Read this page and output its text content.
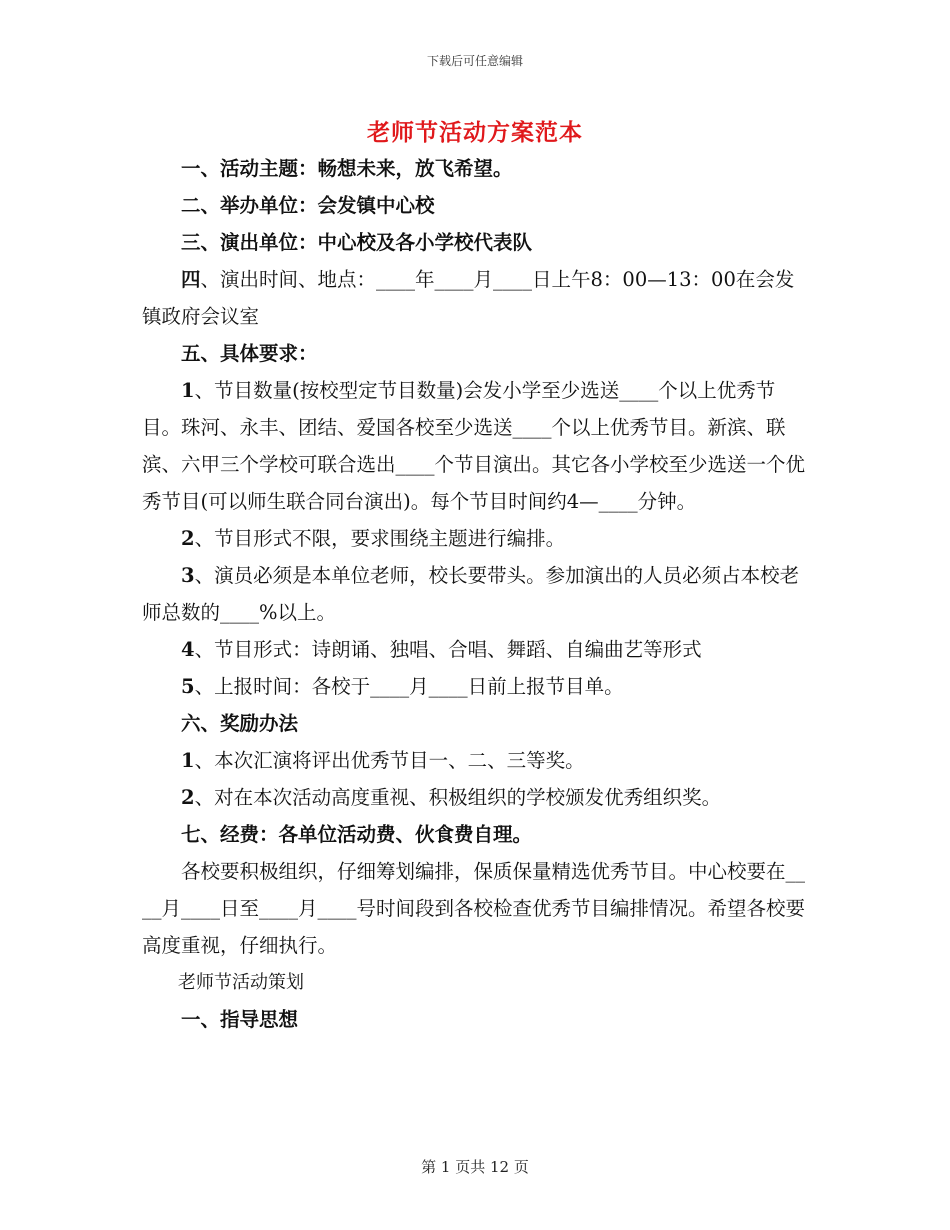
下载后可任意编辑
老师节活动方案范本

一、活动主题：畅想未来，放飞希望。

二、举办单位：会发镇中心校

三、演出单位：中心校及各小学校代表队

四、演出时间、地点：____年____月____日上午8：00—13：00在会发镇政府会议室

五、具体要求：

1、节目数量(按校型定节目数量)会发小学至少选送____个以上优秀节目。珠河、永丰、团结、爱国各校至少选送____个以上优秀节目。新滨、联滨、六甲三个学校可联合选出____个节目演出。其它各小学校至少选送一个优秀节目(可以师生联合同台演出)。每个节目时间约4—____分钟。

2、节目形式不限，要求围绕主题进行编排。

3、演员必须是本单位老师，校长要带头。参加演出的人员必须占本校老师总数的____%以上。

4、节目形式：诗朗诵、独唱、合唱、舞蹈、自编曲艺等形式

5、上报时间：各校于____月____日前上报节目单。

六、奖励办法

1、本次汇演将评出优秀节目一、二、三等奖。

2、对在本次活动高度重视、积极组织的学校颁发优秀组织奖。

七、经费：各单位活动费、伙食费自理。

各校要积极组织，仔细筹划编排，保质保量精选优秀节目。中心校要在____月____日至____月____号时间段到各校检查优秀节目编排情况。希望各校要高度重视，仔细执行。

老师节活动策划

一、指导思想

第 1 页共 12 页
